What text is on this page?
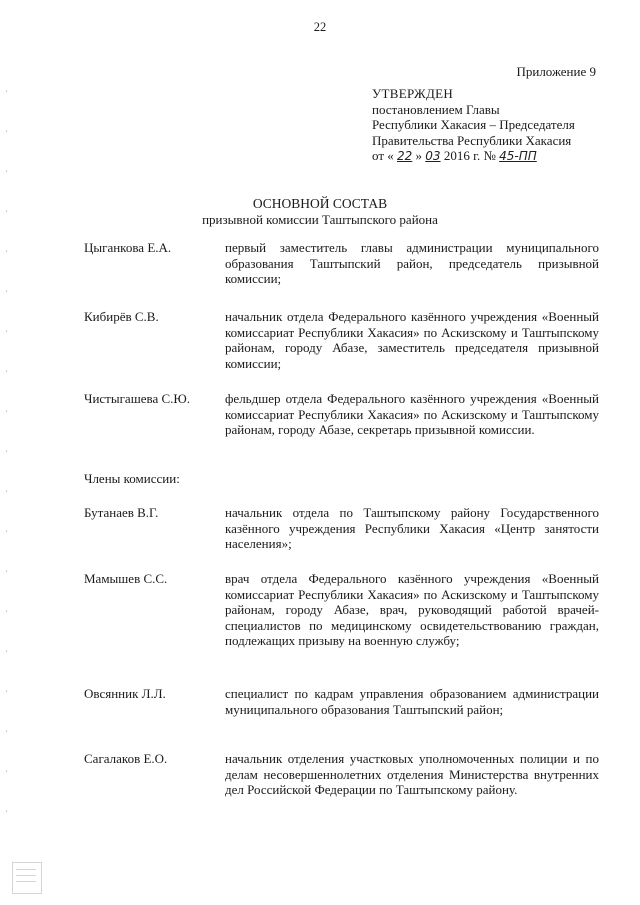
22
Приложение 9
УТВЕРЖДЕН
постановлением Главы
Республики Хакасия – Председателя
Правительства Республики Хакасия
от « 22 » 03 2016 г. № 45-ПП
ОСНОВНОЙ СОСТАВ
призывной комиссии Таштыпского района
Цыганкова Е.А.	первый заместитель главы администрации муниципального образования Таштыпский район, председатель призывной комиссии;
Кибирёв С.В.	начальник отдела Федерального казённого учреждения «Военный комиссариат Республики Хакасия» по Аскизскому и Таштыпскому районам, городу Абазе, заместитель председателя призывной комиссии;
Чистыгашева С.Ю.	фельдшер отдела Федерального казённого учреждения «Военный комиссариат Республики Хакасия» по Аскизскому и Таштыпскому районам, городу Абазе, секретарь призывной комиссии.
Члены комиссии:
Бутанаев В.Г.	начальник отдела по Таштыпскому району Государственного казённого учреждения Республики Хакасия «Центр занятости населения»;
Мамышев С.С.	врач отдела Федерального казённого учреждения «Военный комиссариат Республики Хакасия» по Аскизскому и Таштыпскому районам, городу Абазе, врач, руководящий работой врачей-специалистов по медицинскому освидетельствованию граждан, подлежащих призыву на военную службу;
Овсянник Л.Л.	специалист по кадрам управления образованием администрации муниципального образования Таштыпский район;
Сагалаков Е.О.	начальник отделения участковых уполномоченных полиции и по делам несовершеннолетних отделения Министерства внутренних дел Российской Федерации по Таштыпскому району.
